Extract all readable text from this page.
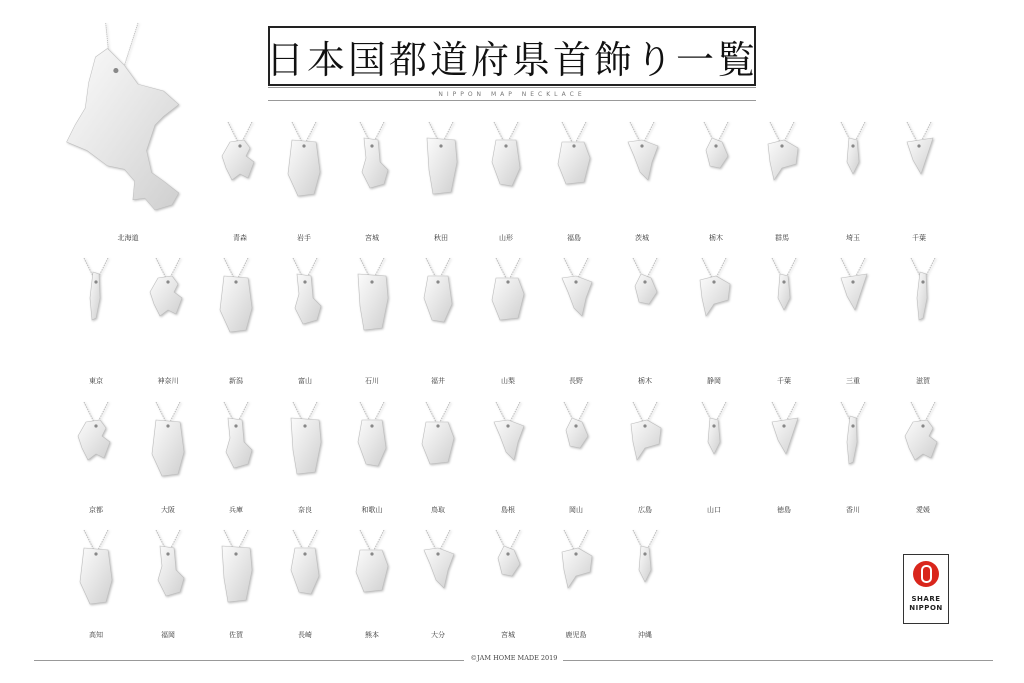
日本国都道府県首飾り一覧
NIPPON MAP NECKLACE
北海道	青森	岩手	宮城	秋田	山形	福島	茨城	栃木	群馬	埼玉	千葉
東京	神奈川	新潟	富山	石川	福井	山梨	長野	栃木	静岡	千葉	三重	滋賀
京都	大阪	兵庫	奈良	和歌山	鳥取	島根	岡山	広島	山口	徳島	香川	愛媛
高知	福岡	佐賀	長崎	熊本	大分	宮城	鹿児島	沖縄
SHARE
NIPPON
©JAM HOME MADE 2019
